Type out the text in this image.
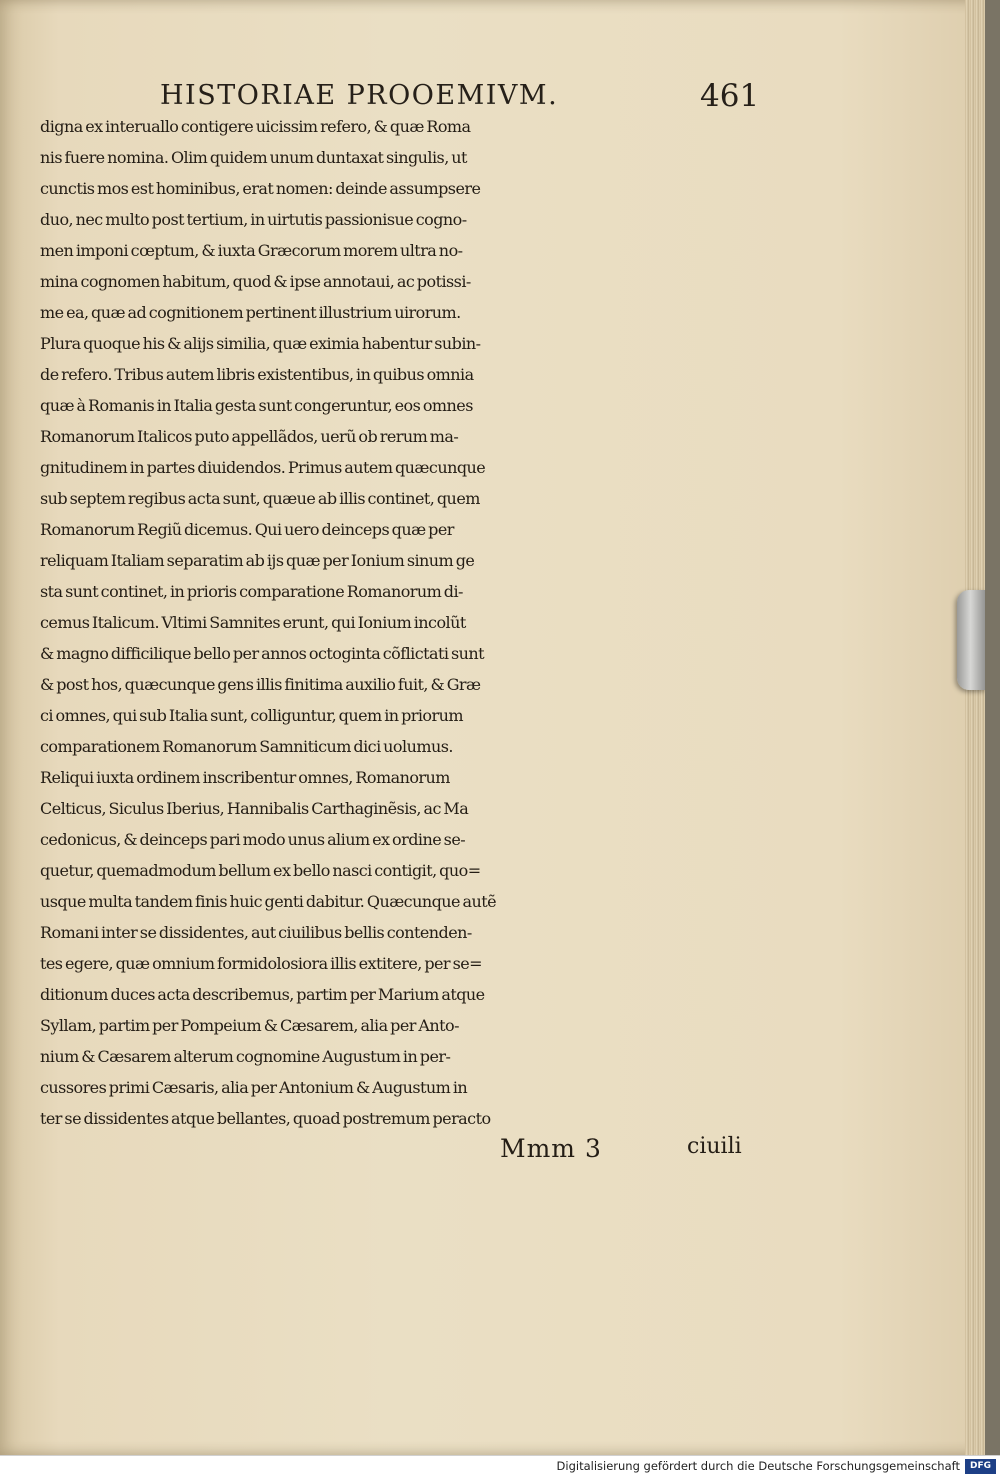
HISTORIAE PROOEMIVM.	461
digna ex interuallo contigere uicissim refero, & quæ Roma
nis fuere nomina. Olim quidem unum duntaxat singulis, ut
cunctis mos est hominibus, erat nomen: deinde assumpsere
duo, nec multo post tertium, in uirtutis passionisue cogno-
men imponi cœptum, & iuxta Græcorum morem ultra no-
mina cognomen habitum, quod & ipse annotaui, ac potissi-
me ea, quæ ad cognitionem pertinent illustrium uirorum.
Plura quoque his & alijs similia, quæ eximia habentur subin-
de refero. Tribus autem libris existentibus, in quibus omnia
quæ à Romanis in Italia gesta sunt congeruntur, eos omnes
Romanorum Italicos puto appellãdos, uerũ ob rerum ma-
gnitudinem in partes diuidendos. Primus autem quæcunque
sub septem regibus acta sunt, quæue ab illis continet, quem
Romanorum Regiũ dicemus. Qui uero deinceps quæ per
reliquam Italiam separatim ab ijs quæ per Ionium sinum ge
sta sunt continet, in prioris comparatione Romanorum di-
cemus Italicum. Vltimi Samnites erunt, qui Ionium incolũt
& magno difficilique bello per annos octoginta cõflictati sunt
& post hos, quæcunque gens illis finitima auxilio fuit, & Græ
ci omnes, qui sub Italia sunt, colliguntur, quem in priorum
comparationem Romanorum Samniticum dici uolumus.
Reliqui iuxta ordinem inscribentur omnes, Romanorum
Celticus, Siculus Iberius, Hannibalis Carthaginẽsis, ac Ma
cedonicus, & deinceps pari modo unus alium ex ordine se-
quetur, quemadmodum bellum ex bello nasci contigit, quo=
usque multa tandem finis huic genti dabitur. Quæcunque autẽ
Romani inter se dissidentes, aut ciuilibus bellis contenden-
tes egere, quæ omnium formidolosiora illis extitere, per se=
ditionum duces acta describemus, partim per Marium atque
Syllam, partim per Pompeium & Cæsarem, alia per Anto-
nium & Cæsarem alterum cognomine Augustum in per-
cussores primi Cæsaris, alia per Antonium & Augustum in
ter se dissidentes atque bellantes, quoad postremum peracto
Mmm 3	ciuili
Digitalisierung gefördert durch die Deutsche Forschungsgemeinschaft	DFG
